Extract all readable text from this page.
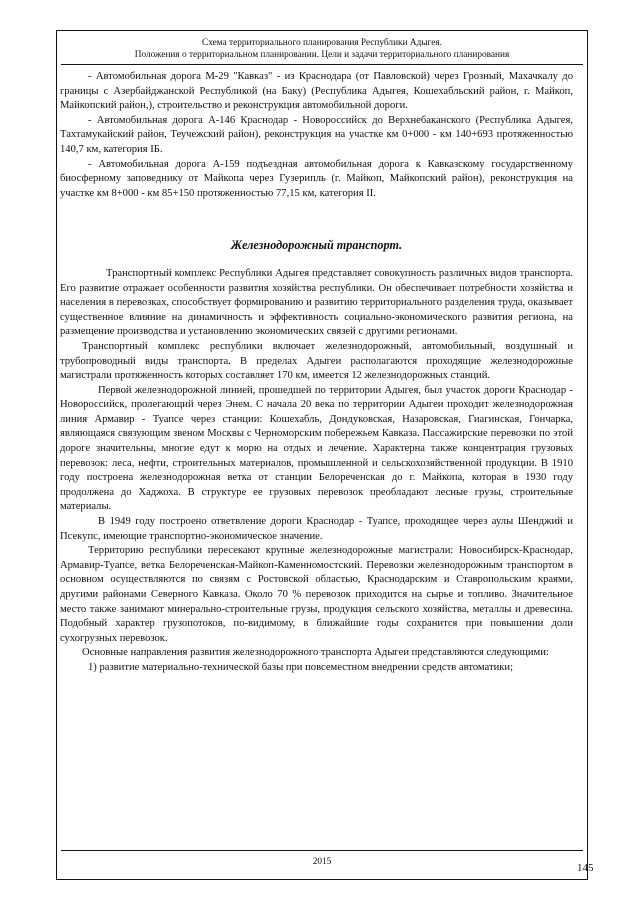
Схема территориального планирования Республики Адыгея.
Положения о территориальном планировании. Цели и задачи территориального планирования
2015

- Автомобильная дорога М-29 "Кавказ" - из Краснодара (от Павловской) через Грозный, Махачкалу до границы с Азербайджанской Республикой (на Баку) (Республика Адыгея, Кошехабльский район, г. Майкоп, Майкопский район,), строительство и реконструкция автомобильной дороги.

- Автомобильная дорога А-146 Краснодар - Новороссийск до Верхнебаканского (Республика Адыгея, Тахтамукайский район, Теучежский район), реконструкция на участке км 0+000 - км 140+693 протяженностью 140,7 км, категория IБ.

- Автомобильная дорога А-159 подъездная автомобильная дорога к Кавказскому государственному биосферному заповеднику от Майкопа через Гузерипль (г. Майкоп, Майкопский район), реконструкция на участке км 8+000 - км 85+150 протяженностью 77,15 км, категория II.

Железнодорожный транспорт.

Транспортный комплекс Республики Адыгея представляет совокупность различных видов транспорта. Его развитие отражает особенности развития хозяйства республики. Он обеспечивает потребности хозяйства и населения в перевозках, способствует формированию и развитию территориального разделения труда, оказывает существенное влияние на динамичность и эффективность социально-экономического развития региона, на размещение производства и установлению экономических связей с другими регионами.

Транспортный комплекс республики включает железнодорожный, автомобильный, воздушный и трубопроводный виды транспорта. В пределах Адыгеи располагаются проходящие железнодорожные магистрали протяженность которых составляет 170 км, имеется 12 железнодорожных станций.

Первой железнодорожной линией, прошедшей по территории Адыгея, был участок дороги Краснодар - Новороссийск, пролегающий через Энем. С начала 20 века по территории Адыгеи проходит железнодорожная линия Армавир - Туапсе через станции: Кошехабль, Дондуковская, Назаровская, Гиагинская, Гончарка, являющаяся связующим звеном Москвы с Черноморским побережьем Кавказа. Пассажирские перевозки по этой дороге значительны, многие едут к морю на отдых и лечение. Характерна также концентрация грузовых перевозок: леса, нефти, строительных материалов, промышленной и сельскохозяйственной продукции. В 1910 году построена железнодорожная ветка от станции Белореченская до г. Майкопа, которая в 1930 году продолжена до Хаджоха. В структуре ее грузовых перевозок преобладают лесные грузы, строительные материалы.

В 1949 году построено ответвление дороги Краснодар - Туапсе, проходящее через аулы Шенджий и Псекупс, имеющие транспортно-экономическое значение.

Территорию республики пересекают крупные железнодорожные магистрали: Новосибирск-Краснодар, Армавир-Туапсе, ветка Белореченская-Майкоп-Каменномостский. Перевозки железнодорожным транспортом в основном осуществляются по связям с Ростовской областью, Краснодарским и Ставропольским краями, другими районами Северного Кавказа. Около 70 % перевозок приходится на сырье и топливо. Значительное место также занимают минерально-строительные грузы, продукция сельского хозяйства, металлы и древесина. Подобный характер грузопотоков, по-видимому, в ближайшие годы сохранится при повышении доли сухогрузных перевозок.

Основные направления развития железнодорожного транспорта Адыгеи представляются следующими:

1) развитие материально-технической базы при повсеместном внедрении средств автоматики;

145
